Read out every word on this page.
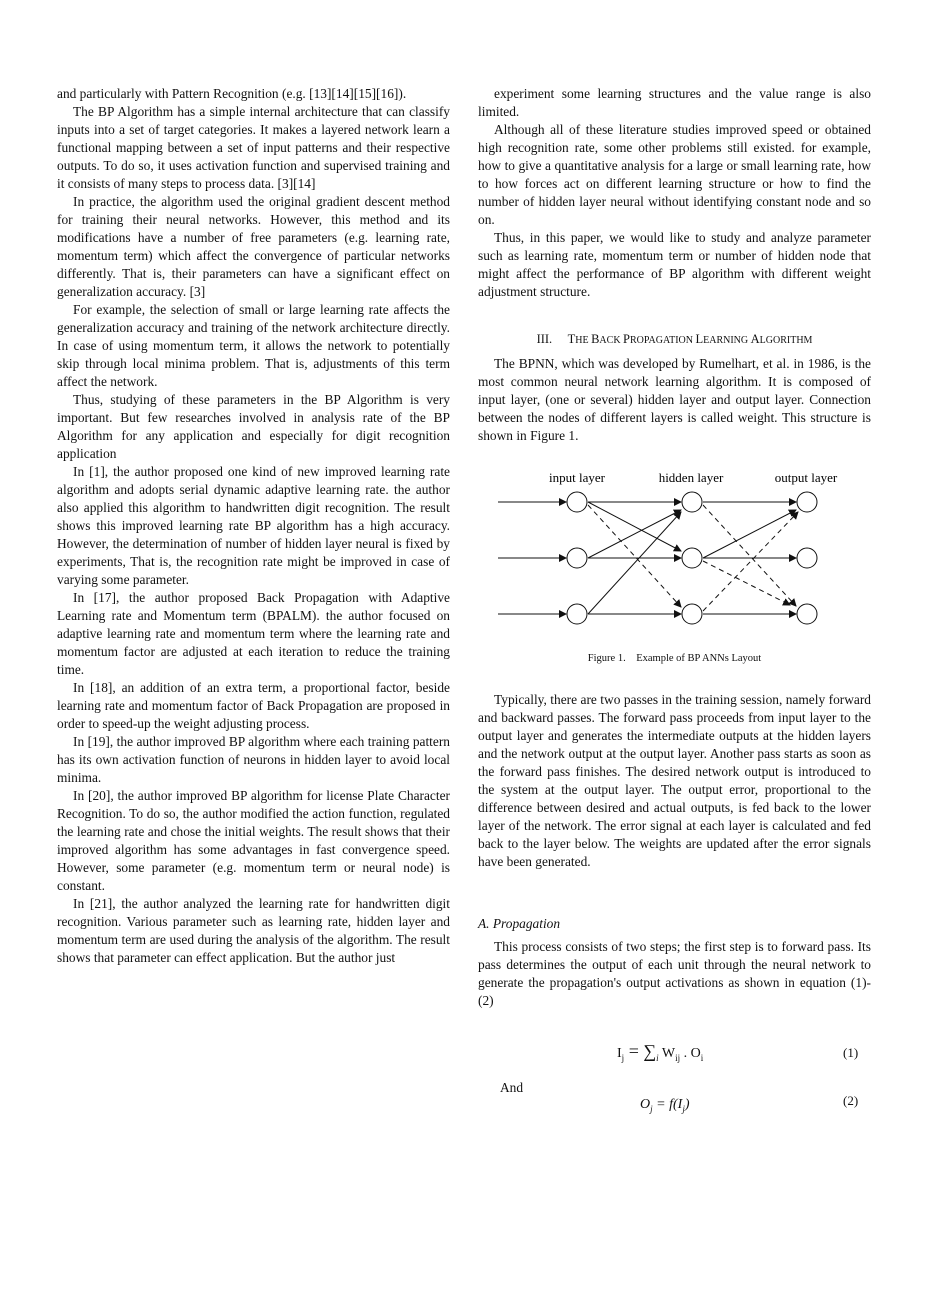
and particularly with Pattern Recognition (e.g. [13][14][15][16]).

The BP Algorithm has a simple internal architecture that can classify inputs into a set of target categories. It makes a layered network learn a functional mapping between a set of input patterns and their respective outputs. To do so, it uses activation function and supervised training and it consists of many steps to process data. [3][14]

In practice, the algorithm used the original gradient descent method for training their neural networks. However, this method and its modifications have a number of free parameters (e.g. learning rate, momentum term) which affect the convergence of particular networks differently. That is, their parameters can have a significant effect on generalization accuracy. [3]

For example, the selection of small or large learning rate affects the generalization accuracy and training of the network architecture directly. In case of using momentum term, it allows the network to potentially skip through local minima problem. That is, adjustments of this term affect the network.

Thus, studying of these parameters in the BP Algorithm is very important. But few researches involved in analysis rate of the BP Algorithm for any application and especially for digit recognition application

In [1], the author proposed one kind of new improved learning rate algorithm and adopts serial dynamic adaptive learning rate. the author also applied this algorithm to handwritten digit recognition. The result shows this improved learning rate BP algorithm has a high accuracy. However, the determination of number of hidden layer neural is fixed by experiments, That is, the recognition rate might be improved in case of varying some parameter.

In [17], the author proposed Back Propagation with Adaptive Learning rate and Momentum term (BPALM). the author focused on adaptive learning rate and momentum term where the learning rate and momentum factor are adjusted at each iteration to reduce the training time.

In [18], an addition of an extra term, a proportional factor, beside learning rate and momentum factor of Back Propagation are proposed in order to speed-up the weight adjusting process.

In [19], the author improved BP algorithm where each training pattern has its own activation function of neurons in hidden layer to avoid local minima.

In [20], the author improved BP algorithm for license Plate Character Recognition. To do so, the author modified the action function, regulated the learning rate and chose the initial weights. The result shows that their improved algorithm has some advantages in fast convergence speed. However, some parameter (e.g. momentum term or neural node) is constant.

In [21], the author analyzed the learning rate for handwritten digit recognition. Various parameter such as learning rate, hidden layer and momentum term are used during the analysis of the algorithm. The result shows that parameter can effect application. But the author just

experiment some learning structures and the value range is also limited.

Although all of these literature studies improved speed or obtained high recognition rate, some other problems still existed. for example, how to give a quantitative analysis for a large or small learning rate, how to how forces act on different learning structure or how to find the number of hidden layer neural without identifying constant node and so on.

Thus, in this paper, we would like to study and analyze parameter such as learning rate, momentum term or number of hidden node that might affect the performance of BP algorithm with different weight adjustment structure.

III. THE BACK PROPAGATION LEARNING ALGORITHM

The BPNN, which was developed by Rumelhart, et al. in 1986, is the most common neural network learning algorithm. It is composed of input layer, (one or several) hidden layer and output layer. Connection between the nodes of different layers is called weight. This structure is shown in Figure 1.

input layer	hidden layer	output layer
Figure 1. Example of BP ANNs Layout

Typically, there are two passes in the training session, namely forward and backward passes. The forward pass proceeds from input layer to the output layer and generates the intermediate outputs at the hidden layers and the network output at the output layer. Another pass starts as soon as the forward pass finishes. The desired network output is introduced to the system at the output layer. The output error, proportional to the difference between desired and actual outputs, is fed back to the lower layer of the network. The error signal at each layer is calculated and fed back to the layer below. The weights are updated after the error signals have been generated.

A. Propagation

This process consists of two steps; the first step is to forward pass. Its pass determines the output of each unit through the neural network to generate the propagation's output activations as shown in equation (1)-(2)

$I_j = \sum_i$ $W_{ij}$ . $O_i$	(1)
And
$O_j = f(I_j)$	(2)
